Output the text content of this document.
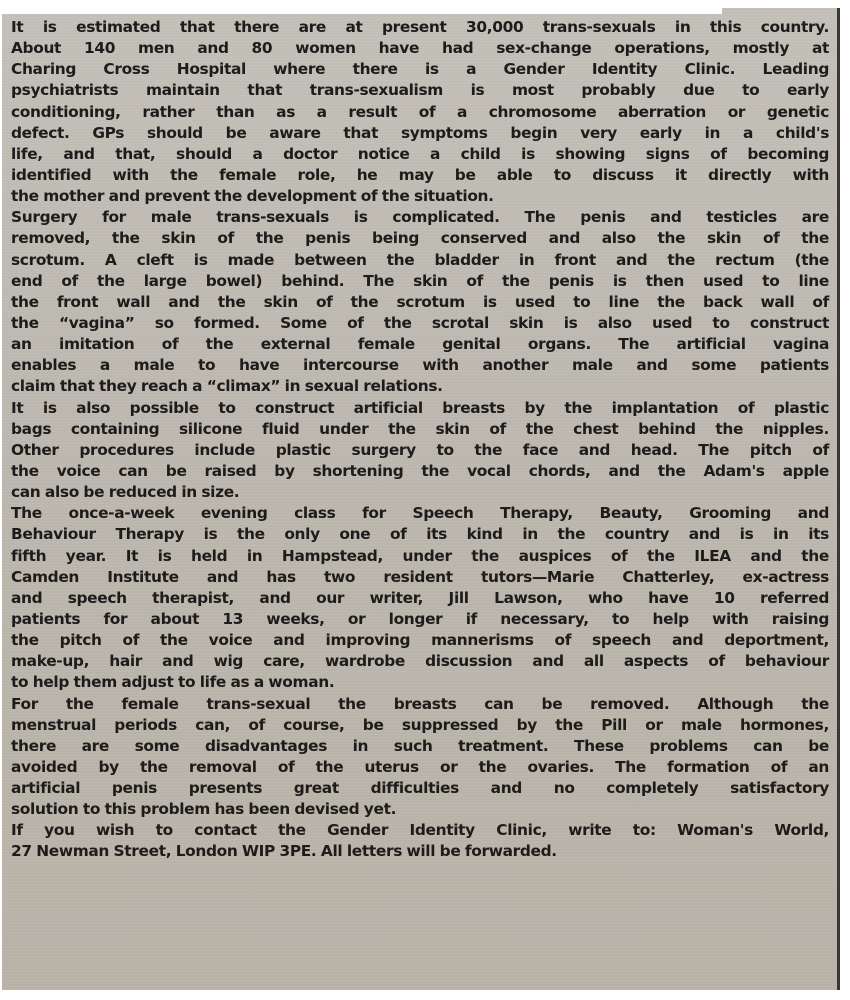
It is estimated that there are at present 30,000 trans-sexuals in this country.
About 140 men and 80 women have had sex-change operations, mostly at
Charing Cross Hospital where there is a Gender Identity Clinic. Leading
psychiatrists maintain that trans-sexualism is most probably due to early
conditioning, rather than as a result of a chromosome aberration or genetic
defect. GPs should be aware that symptoms begin very early in a child's
life, and that, should a doctor notice a child is showing signs of becoming
identified with the female role, he may be able to discuss it directly with
the mother and prevent the development of the situation.
Surgery for male trans-sexuals is complicated. The penis and testicles are
removed, the skin of the penis being conserved and also the skin of the
scrotum. A cleft is made between the bladder in front and the rectum (the
end of the large bowel) behind. The skin of the penis is then used to line
the front wall and the skin of the scrotum is used to line the back wall of
the “vagina” so formed. Some of the scrotal skin is also used to construct
an imitation of the external female genital organs. The artificial vagina
enables a male to have intercourse with another male and some patients
claim that they reach a “climax” in sexual relations.
It is also possible to construct artificial breasts by the implantation of plastic
bags containing silicone fluid under the skin of the chest behind the nipples.
Other procedures include plastic surgery to the face and head. The pitch of
the voice can be raised by shortening the vocal chords, and the Adam's apple
can also be reduced in size.
The once-a-week evening class for Speech Therapy, Beauty, Grooming and
Behaviour Therapy is the only one of its kind in the country and is in its
fifth year. It is held in Hampstead, under the auspices of the ILEA and the
Camden Institute and has two resident tutors—Marie Chatterley, ex-actress
and speech therapist, and our writer, Jill Lawson, who have 10 referred
patients for about 13 weeks, or longer if necessary, to help with raising
the pitch of the voice and improving mannerisms of speech and deportment,
make-up, hair and wig care, wardrobe discussion and all aspects of behaviour
to help them adjust to life as a woman.
For the female trans-sexual the breasts can be removed. Although the
menstrual periods can, of course, be suppressed by the Pill or male hormones,
there are some disadvantages in such treatment. These problems can be
avoided by the removal of the uterus or the ovaries. The formation of an
artificial penis presents great difficulties and no completely satisfactory
solution to this problem has been devised yet.
If you wish to contact the Gender Identity Clinic, write to: Woman's World,
27 Newman Street, London WIP 3PE. All letters will be forwarded.
